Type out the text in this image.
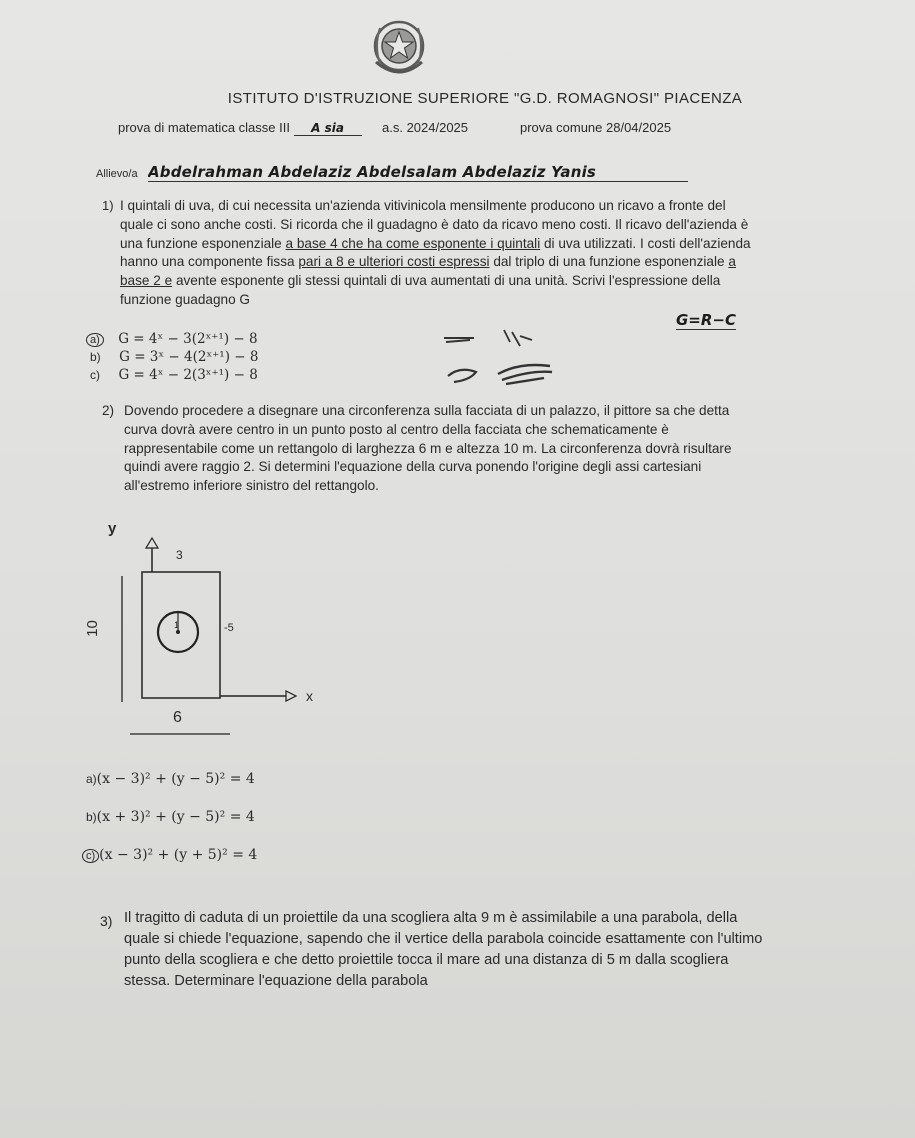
ISTITUTO D'ISTRUZIONE SUPERIORE "G.D. ROMAGNOSI" PIACENZA
prova di matematica classe III A sia	a.s. 2024/2025	prova comune 28/04/2025
Allievo/a Abdelrahman Abdelaziz Abdelsalam Abdelaziz Yanis
1) I quintali di uva, di cui necessita un'azienda vitivinicola mensilmente producono un ricavo a fronte del quale ci sono anche costi. Si ricorda che il guadagno è dato da ricavo meno costi. Il ricavo dell'azienda è una funzione esponenziale a base 4 che ha come esponente i quintali di uva utilizzati. I costi dell'azienda hanno una componente fissa pari a 8 e ulteriori costi espressi dal triplo di una funzione esponenziale a base 2 e avente esponente gli stessi quintali di uva aumentati di una unità. Scrivi l'espressione della funzione guadagno G
a) G = 4ˣ − 3(2ˣ⁺¹) − 8
b) G = 3ˣ − 4(2ˣ⁺¹) − 8
c) G = 4ˣ − 2(3ˣ⁺¹) − 8
G=R−C
2) Dovendo procedere a disegnare una circonferenza sulla facciata di un palazzo, il pittore sa che detta curva dovrà avere centro in un punto posto al centro della facciata che schematicamente è rappresentabile come un rettangolo di larghezza 6 m e altezza 10 m. La circonferenza dovrà risultare quindi avere raggio 2. Si determini l'equazione della curva ponendo l'origine degli assi cartesiani all'estremo inferiore sinistro del rettangolo.
y
3
10	1	-5
x
6
a)(x − 3)² + (y − 5)² = 4
b)(x + 3)² + (y − 5)² = 4
c) (x − 3)² + (y + 5)² = 4
3) Il tragitto di caduta di un proiettile da una scogliera alta 9 m è assimilabile a una parabola, della quale si chiede l'equazione, sapendo che il vertice della parabola coincide esattamente con l'ultimo punto della scogliera e che detto proiettile tocca il mare ad una distanza di 5 m dalla scogliera stessa. Determinare l'equazione della parabola
